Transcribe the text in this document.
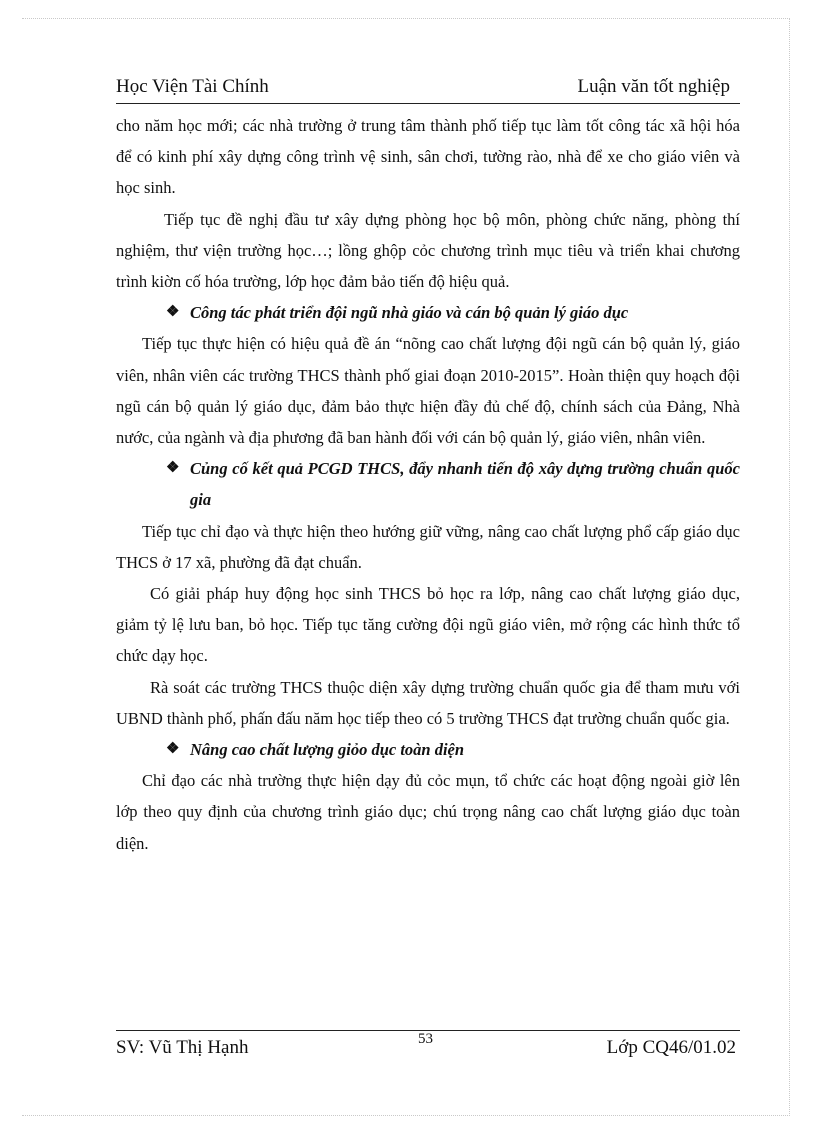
Học Viện Tài Chính	Luận văn tốt nghiệp

cho năm học mới; các nhà trường ở trung tâm thành phố tiếp tục làm tốt công tác xã hội hóa để có kinh phí xây dựng công trình vệ sinh, sân chơi, tường rào, nhà để xe cho giáo viên và học sinh.

Tiếp tục đề nghị đầu tư xây dựng phòng học bộ môn, phòng chức năng, phòng thí nghiệm, thư viện trường học…; lồng ghộp cỏc chương trình mục tiêu và triển khai chương trình kiờn cố hóa trường, lớp học đảm bảo tiến độ hiệu quả.

❖ Công tác phát triển đội ngũ nhà giáo và cán bộ quản lý giáo dục

Tiếp tục thực hiện có hiệu quả đề án “nõng cao chất lượng đội ngũ cán bộ quản lý, giáo viên, nhân viên các trường THCS thành phố giai đoạn 2010-2015”. Hoàn thiện quy hoạch đội ngũ cán bộ quản lý giáo dục, đảm bảo thực hiện đầy đủ chế độ, chính sách của Đảng, Nhà nước, của ngành và địa phương đã ban hành đối với cán bộ quản lý, giáo viên, nhân viên.

❖ Củng cố kết quả PCGD THCS, đẩy nhanh tiến độ xây dựng trường chuẩn quốc gia

Tiếp tục chỉ đạo và thực hiện theo hướng giữ vững, nâng cao chất lượng phổ cấp giáo dục THCS ở 17 xã, phường đã đạt chuẩn.

Có giải pháp huy động học sinh THCS bỏ học ra lớp, nâng cao chất lượng giáo dục, giảm tỷ lệ lưu ban, bỏ học. Tiếp tục tăng cường đội ngũ giáo viên, mở rộng các hình thức tổ chức dạy học.

Rà soát các trường THCS thuộc diện xây dựng trường chuẩn quốc gia để tham mưu với UBND thành phố, phấn đấu năm học tiếp theo có 5 trường THCS đạt trường chuẩn quốc gia.

❖ Nâng cao chất lượng giỏo dục toàn diện

Chỉ đạo các nhà trường thực hiện dạy đủ cỏc mụn, tổ chức các hoạt động ngoài giờ lên lớp theo quy định của chương trình giáo dục; chú trọng nâng cao chất lượng giáo dục toàn diện.

SV: Vũ Thị Hạnh	53	Lớp CQ46/01.02
